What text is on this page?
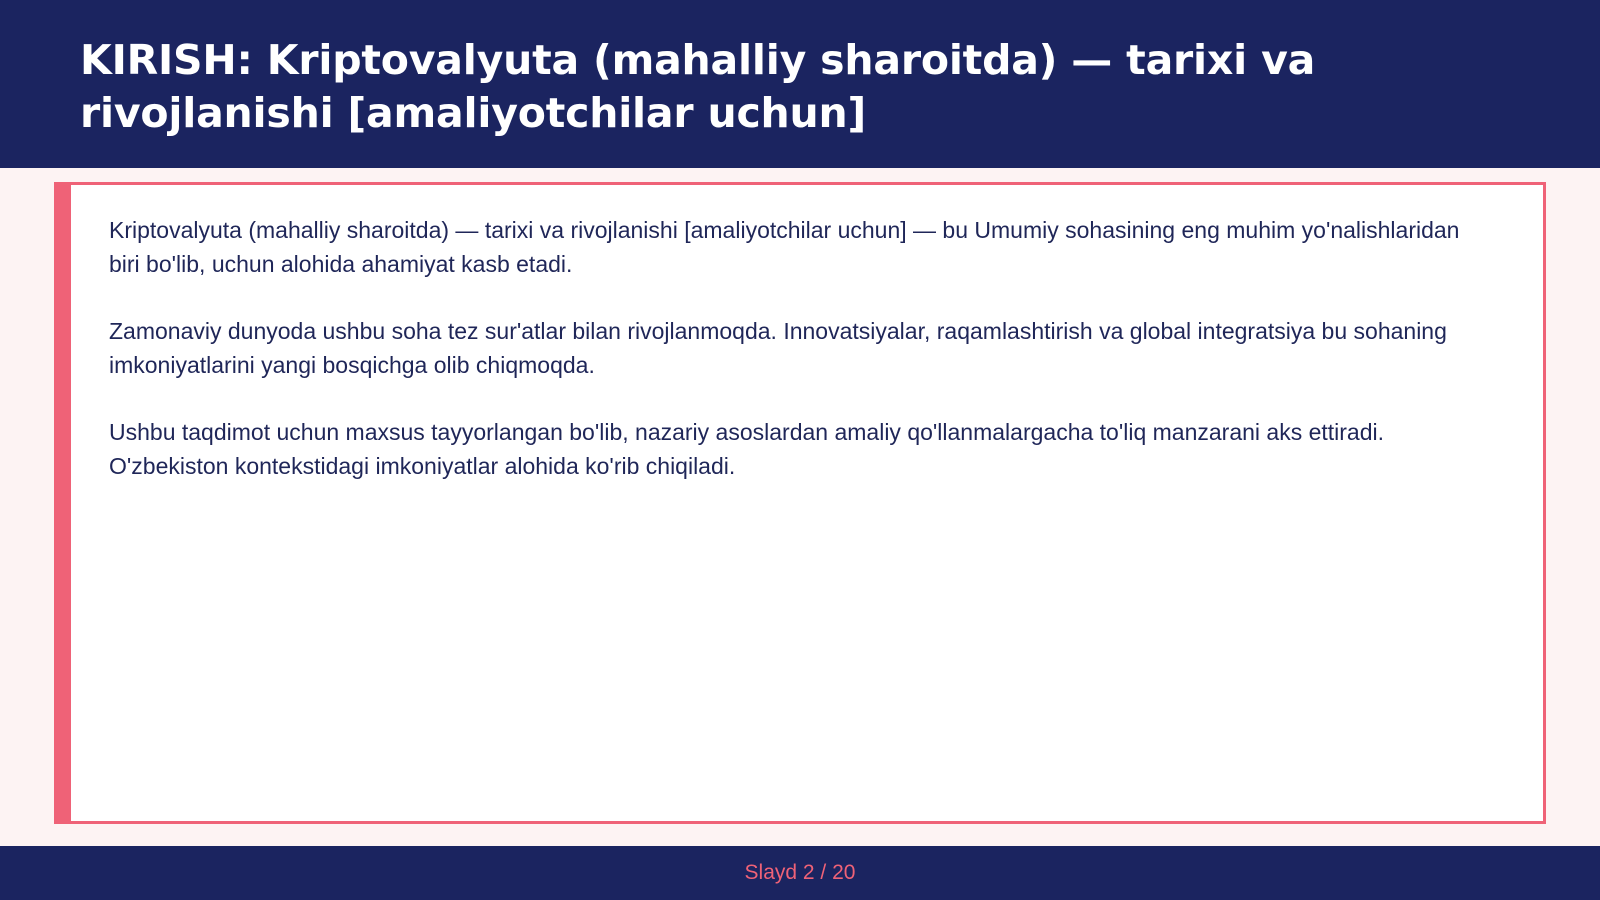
KIRISH: Kriptovalyuta (mahalliy sharoitda) — tarixi va rivojlanishi [amaliyotchilar uchun]

Kriptovalyuta (mahalliy sharoitda) — tarixi va rivojlanishi [amaliyotchilar uchun] — bu Umumiy sohasining eng muhim yo'nalishlaridan biri bo'lib, uchun alohida ahamiyat kasb etadi.

Zamonaviy dunyoda ushbu soha tez sur'atlar bilan rivojlanmoqda. Innovatsiyalar, raqamlashtirish va global integratsiya bu sohaning imkoniyatlarini yangi bosqichga olib chiqmoqda.

Ushbu taqdimot uchun maxsus tayyorlangan bo'lib, nazariy asoslardan amaliy qo'llanmalargacha to'liq manzarani aks ettiradi. O'zbekiston kontekstidagi imkoniyatlar alohida ko'rib chiqiladi.

Slayd 2 / 20
